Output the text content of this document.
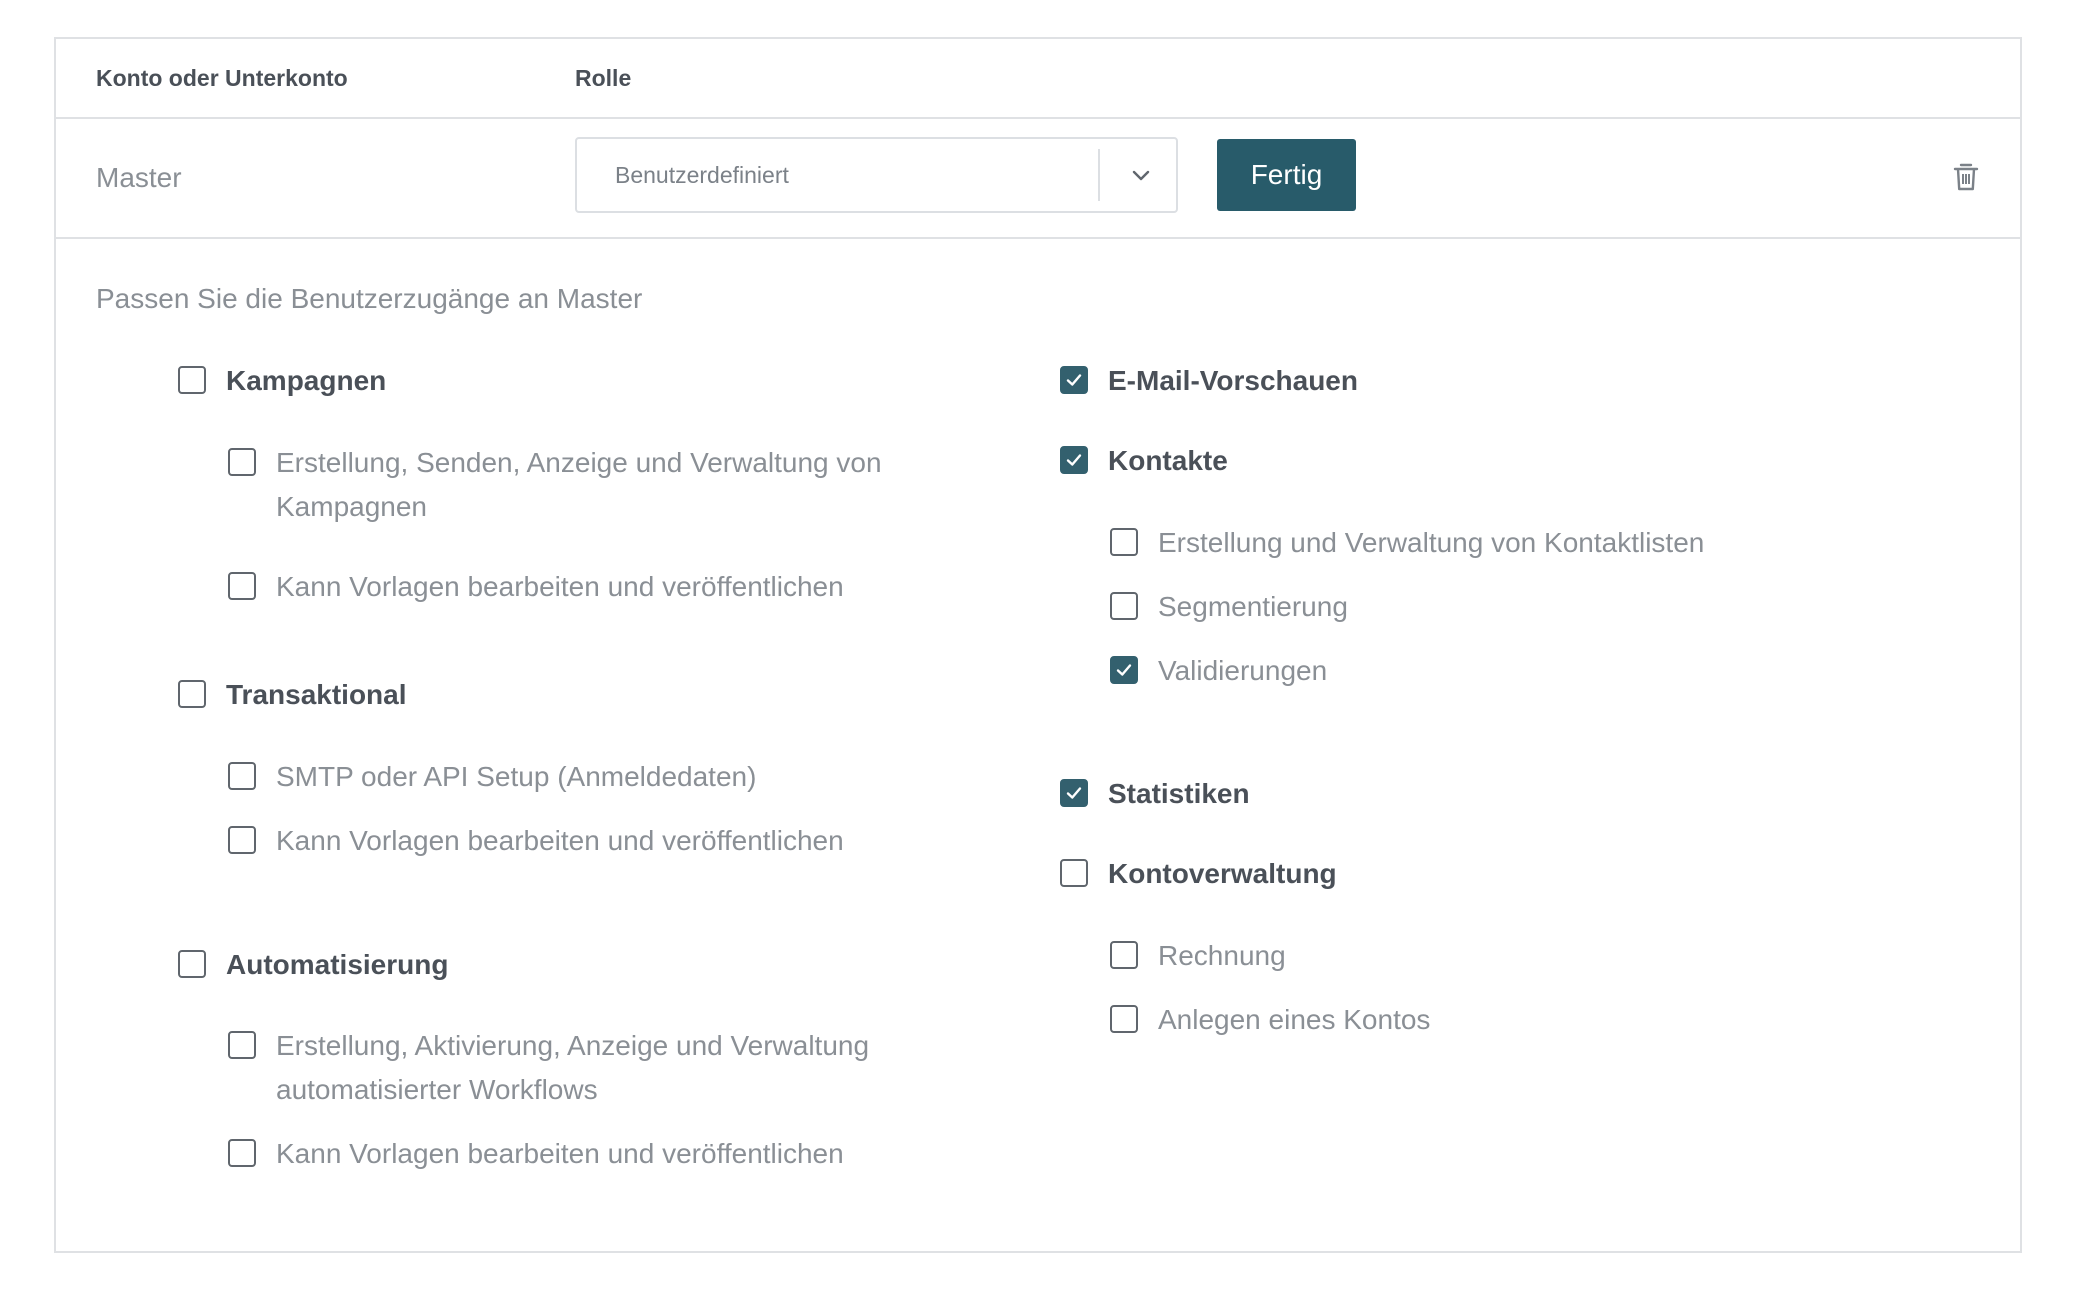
Konto oder Unterkonto	Rolle
Master	Benutzerdefiniert	Fertig
Passen Sie die Benutzerzugänge an Master
Kampagnen
Erstellung, Senden, Anzeige und Verwaltung von Kampagnen
Kann Vorlagen bearbeiten und veröffentlichen
Transaktional
SMTP oder API Setup (Anmeldedaten)
Kann Vorlagen bearbeiten und veröffentlichen
Automatisierung
Erstellung, Aktivierung, Anzeige und Verwaltung automatisierter Workflows
Kann Vorlagen bearbeiten und veröffentlichen
E-Mail-Vorschauen
Kontakte
Erstellung und Verwaltung von Kontaktlisten
Segmentierung
Validierungen
Statistiken
Kontoverwaltung
Rechnung
Anlegen eines Kontos
